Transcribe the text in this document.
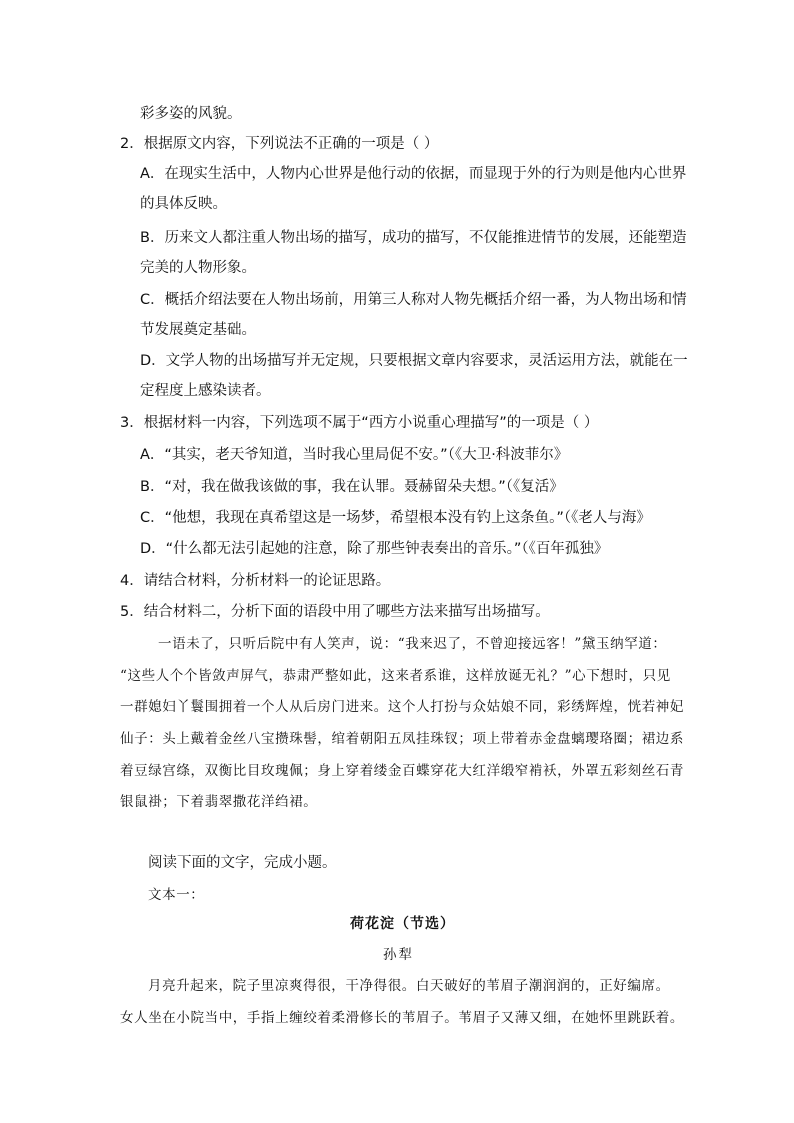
彩多姿的风貌。
2．根据原文内容，下列说法不正确的一项是（ ）
A．在现实生活中，人物内心世界是他行动的依据，而显现于外的行为则是他内心世界
的具体反映。
B．历来文人都注重人物出场的描写，成功的描写，不仅能推进情节的发展，还能塑造
完美的人物形象。
C．概括介绍法要在人物出场前，用第三人称对人物先概括介绍一番，为人物出场和情
节发展奠定基础。
D．文学人物的出场描写并无定规，只要根据文章内容要求，灵活运用方法，就能在一
定程度上感染读者。
3．根据材料一内容，下列选项不属于“西方小说重心理描写”的一项是（ ）
A．“其实，老天爷知道，当时我心里局促不安。”（《大卫·科波菲尔》
B．“对，我在做我该做的事，我在认罪。聂赫留朵夫想。”（《复活》
C．“他想，我现在真希望这是一场梦，希望根本没有钓上这条鱼。”（《老人与海》
D．“什么都无法引起她的注意，除了那些钟表奏出的音乐。”（《百年孤独》
4．请结合材料，分析材料一的论证思路。
5．结合材料二，分析下面的语段中用了哪些方法来描写出场描写。
一语未了，只听后院中有人笑声，说：“我来迟了，不曾迎接远客！”黛玉纳罕道：
“这些人个个皆敛声屏气，恭肃严整如此，这来者系谁，这样放诞无礼？”心下想时，只见
一群媳妇丫鬟围拥着一个人从后房门进来。这个人打扮与众姑娘不同，彩绣辉煌，恍若神妃
仙子：头上戴着金丝八宝攒珠髻，绾着朝阳五凤挂珠钗；项上带着赤金盘螭璎珞圈；裙边系
着豆绿宫绦，双衡比目玫瑰佩；身上穿着缕金百蝶穿花大红洋缎窄褃袄，外罩五彩刻丝石青
银鼠褂；下着翡翠撒花洋绉裙。
阅读下面的文字，完成小题。
文本一：
荷花淀（节选）
孙犁
月亮升起来，院子里凉爽得很，干净得很。白天破好的苇眉子潮润润的，正好编席。
女人坐在小院当中，手指上缠绞着柔滑修长的苇眉子。苇眉子又薄又细，在她怀里跳跃着。
